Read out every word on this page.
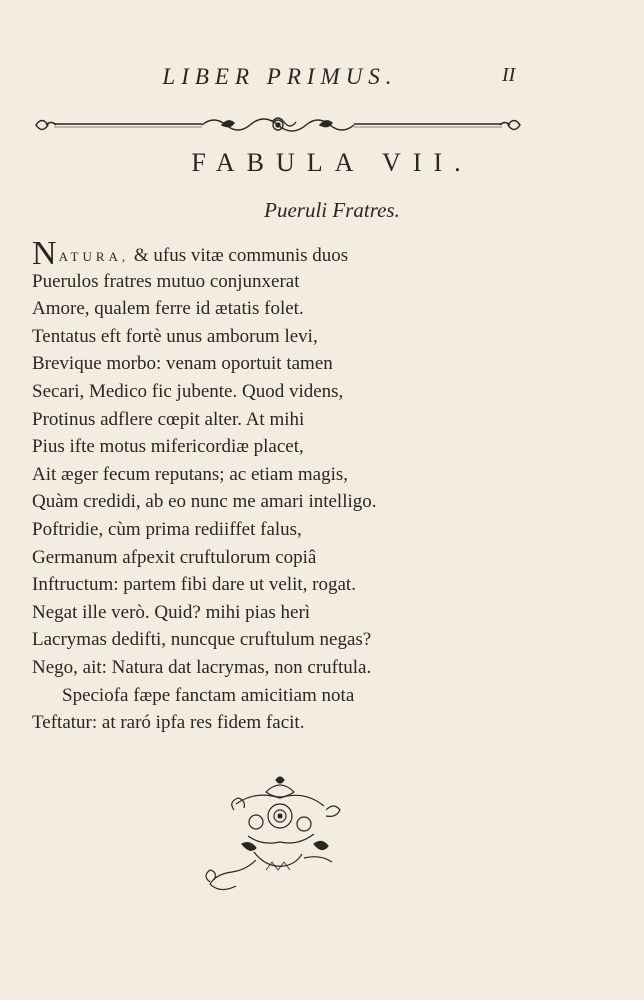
LIBER PRIMUS.	II
FABULA VII.
Pueruli Fratres.
NATURA, & ufus vitæ communis duos
Puerulos fratres mutuo conjunxerat
Amore, qualem ferre id ætatis folet.
Tentatus eft fortè unus amborum levi,
Brevique morbo: venam oportuit tamen
Secari, Medico fic jubente. Quod videns,
Protinus adflere cœpit alter. At mihi
Pius ifte motus mifericordiæ placet,
Ait æger fecum reputans; ac etiam magis,
Quàm credidi, ab eo nunc me amari intelligo.
Poftridie, cùm prima rediiffet falus,
Germanum afpexit cruftulorum copiâ
Inftructum: partem fibi dare ut velit, rogat.
Negat ille verò. Quid? mihi pias herì
Lacrymas dedifti, nuncque cruftulum negas?
Nego, ait: Natura dat lacrymas, non cruftula.
Speciofa fæpe fanctam amicitiam nota
Teftatur: at raró ipfa res fidem facit.
